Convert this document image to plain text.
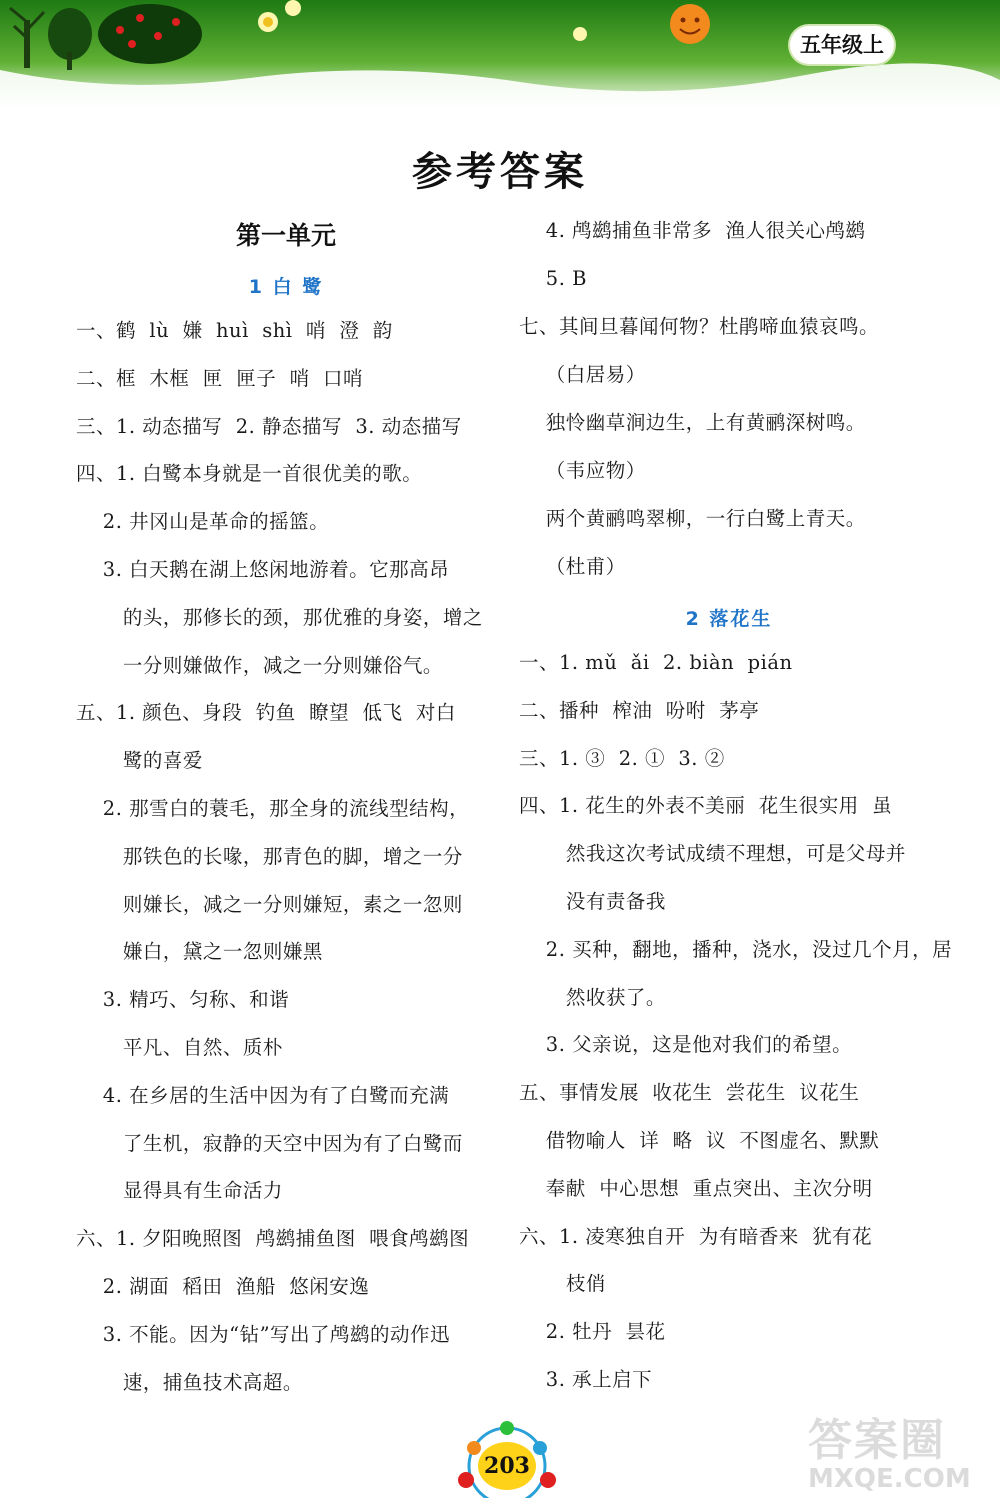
五年级上
参考答案
第一单元
1 白 鹭
一、鹤  lù  嫌  huì  shì  哨  澄  韵
二、框  木框  匣  匣子  哨  口哨
三、1. 动态描写  2. 静态描写  3. 动态描写
四、1. 白鹭本身就是一首很优美的歌。
2. 井冈山是革命的摇篮。
3. 白天鹅在湖上悠闲地游着。它那高昂
的头，那修长的颈，那优雅的身姿，增之
一分则嫌做作，减之一分则嫌俗气。
五、1. 颜色、身段  钓鱼  瞭望  低飞  对白
鹭的喜爱
2. 那雪白的蓑毛，那全身的流线型结构，
那铁色的长喙，那青色的脚，增之一分
则嫌长，减之一分则嫌短，素之一忽则
嫌白，黛之一忽则嫌黑
3. 精巧、匀称、和谐
平凡、自然、质朴
4. 在乡居的生活中因为有了白鹭而充满
了生机，寂静的天空中因为有了白鹭而
显得具有生命活力
六、1. 夕阳晚照图  鸬鹚捕鱼图  喂食鸬鹚图
2. 湖面  稻田  渔船  悠闲安逸
3. 不能。因为“钻”写出了鸬鹚的动作迅
速，捕鱼技术高超。
4. 鸬鹚捕鱼非常多  渔人很关心鸬鹚
5. B
七、其间旦暮闻何物？杜鹃啼血猿哀鸣。
（白居易）
独怜幽草涧边生，上有黄鹂深树鸣。
（韦应物）
两个黄鹂鸣翠柳，一行白鹭上青天。
（杜甫）
2 落花生
一、1. mǔ  ǎi  2. biàn  pián
二、播种  榨油  吩咐  茅亭
三、1. ③  2. ①  3. ②
四、1. 花生的外表不美丽  花生很实用  虽
然我这次考试成绩不理想，可是父母并
没有责备我
2. 买种，翻地，播种，浇水，没过几个月，居
然收获了。
3. 父亲说，这是他对我们的希望。
五、事情发展  收花生  尝花生  议花生
借物喻人  详  略  议  不图虚名、默默
奉献  中心思想  重点突出、主次分明
六、1. 凌寒独自开  为有暗香来  犹有花
枝俏
2. 牡丹  昙花
3. 承上启下
203	答案圈
MXQE.COM
